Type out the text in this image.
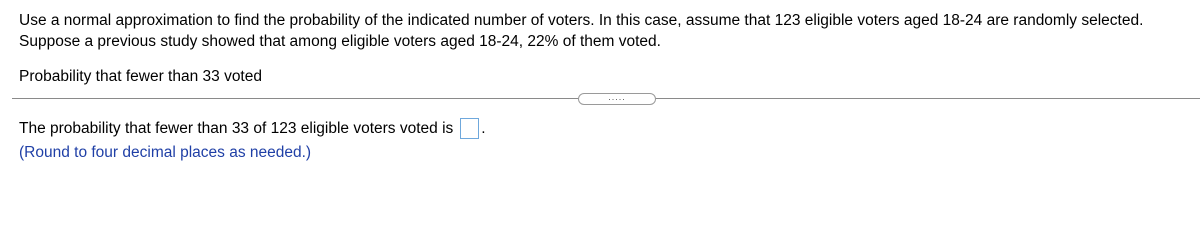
Use a normal approximation to find the probability of the indicated number of voters. In this case, assume that 123 eligible voters aged 18-24 are randomly selected.

Suppose a previous study showed that among eligible voters aged 18-24, 22% of them voted.

Probability that fewer than 33 voted
.....
The probability that fewer than 33 of 123 eligible voters voted is .
(Round to four decimal places as needed.)
